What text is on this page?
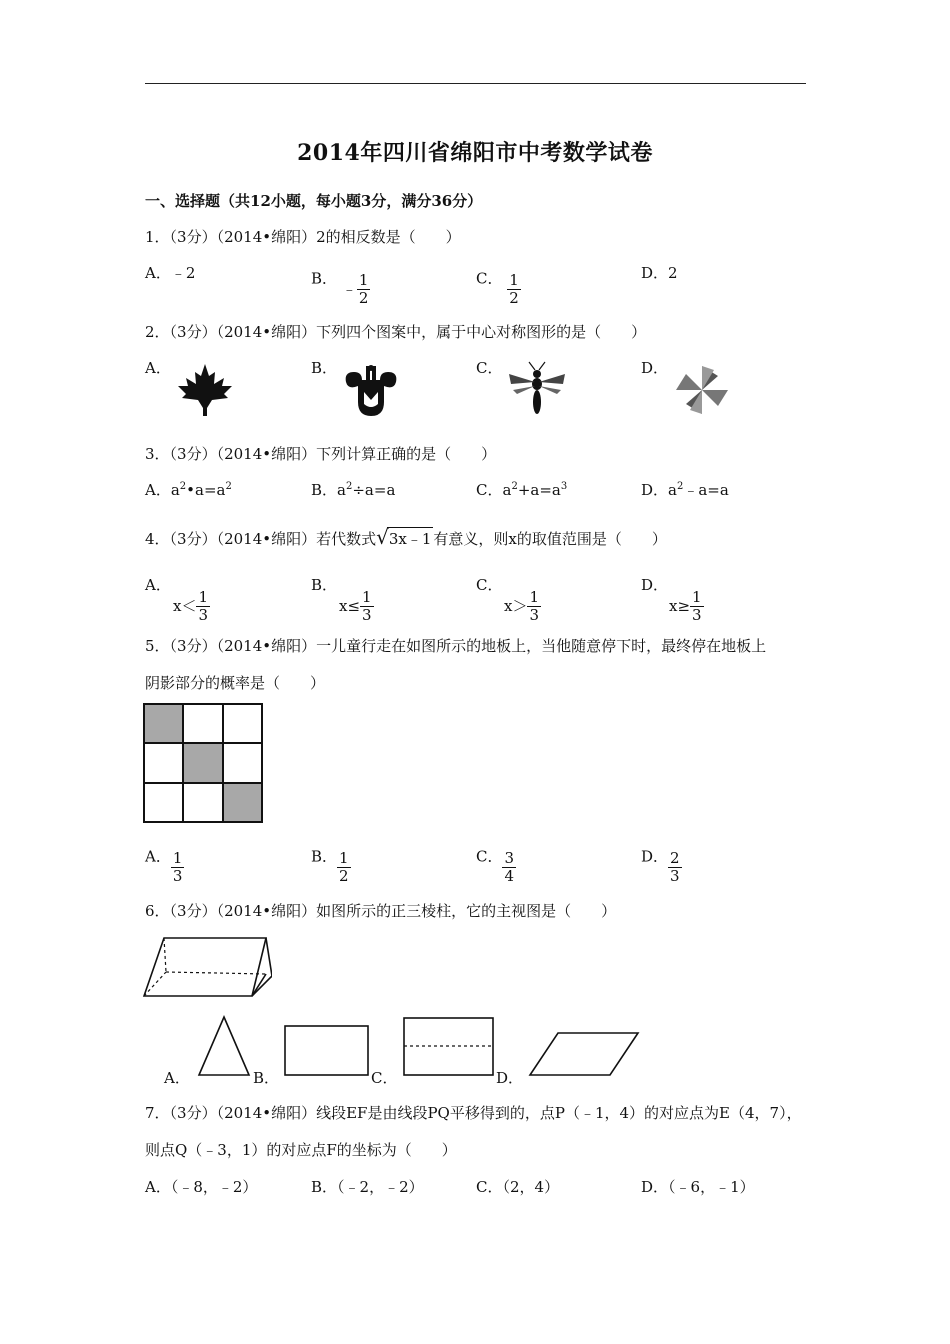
2014年四川省绵阳市中考数学试卷
一、选择题（共12小题，每小题3分，满分36分）
1．（3分）（2014•绵阳）2的相反数是（　　）
A．﹣2	B． ﹣ $\frac{1}{2}$	C． $\frac{1}{2}$	D．2
2．（3分）（2014•绵阳）下列四个图案中，属于中心对称图形的是（　　）
A．	B．	C．	D．
3．（3分）（2014•绵阳）下列计算正确的是（　　）
A．$a^2•a=a^2$	B．$a^2\div a=a$	C．$a^2+a=a^3$	D．$a^2﹣a=a$
4．（3分）（2014•绵阳）若代数式√3x﹣1 有意义，则x的取值范围是（　　）
A．
$x< \frac{1}{3}$
B．
$x\le \frac{1}{3}$
C．
$x> \frac{1}{3}$
D．
$x\ge \frac{1}{3}$
5．（3分）（2014•绵阳）一儿童行走在如图所示的地板上，当他随意停下时，最终停在地板上
阴影部分的概率是（　　）
A． $\frac{1}{3}$	B． $\frac{1}{2}$	C． $\frac{3}{4}$	D． $\frac{2}{3}$
6．（3分）（2014•绵阳）如图所示的正三棱柱，它的主视图是（　　）
A．	B．	C．	D．
7．（3分）（2014•绵阳）线段EF是由线段PQ平移得到的，点P（﹣1，4）的对应点为E（4，7），
则点Q（﹣3，1）的对应点F的坐标为（　　）
A．（﹣8，﹣2）	B．（﹣2，﹣2）	C．（2，4）	D．（﹣6，﹣1）
